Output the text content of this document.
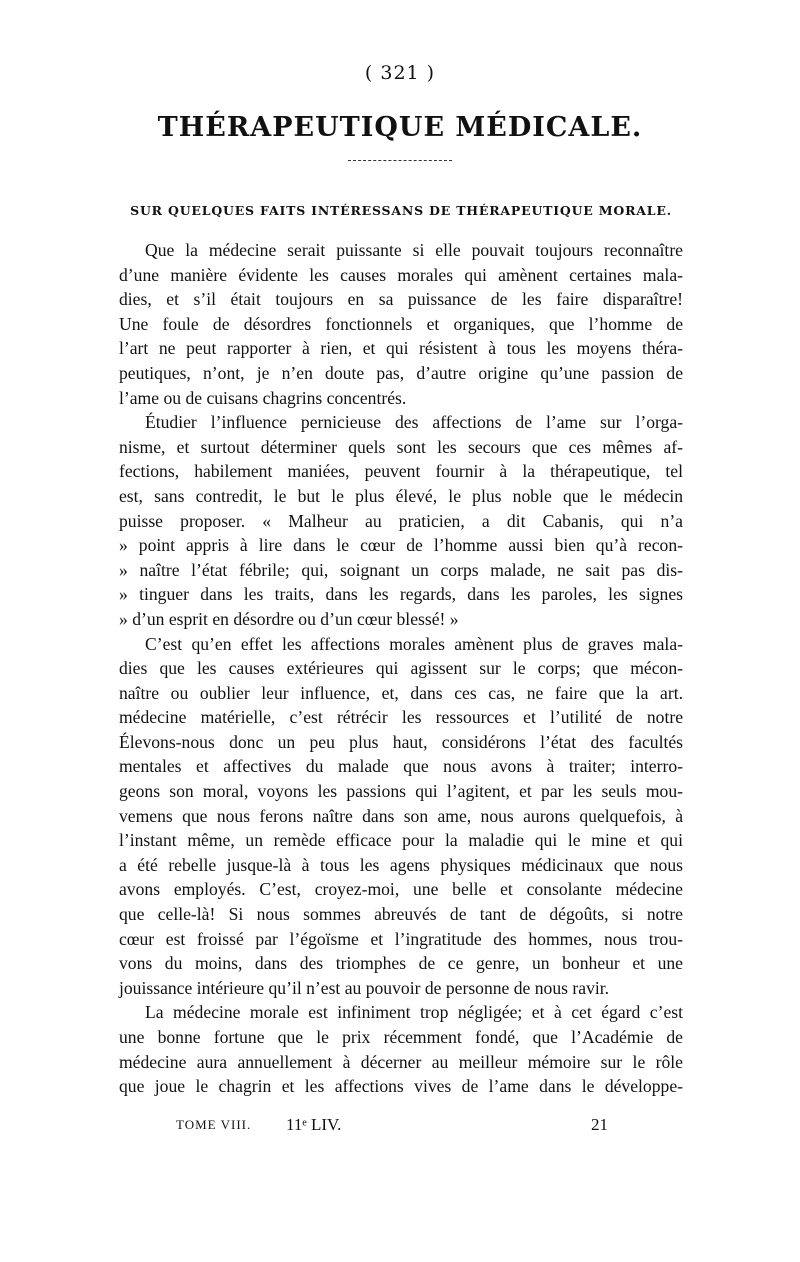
( 321 )
THÉRAPEUTIQUE MÉDICALE.
SUR QUELQUES FAITS INTÉRESSANS DE THÉRAPEUTIQUE MORALE.
Que la médecine serait puissante si elle pouvait toujours reconnaître
d’une manière évidente les causes morales qui amènent certaines mala-
dies, et s’il était toujours en sa puissance de les faire disparaître!
Une foule de désordres fonctionnels et organiques, que l’homme de
l’art ne peut rapporter à rien, et qui résistent à tous les moyens théra-
peutiques, n’ont, je n’en doute pas, d’autre origine qu’une passion de
l’ame ou de cuisans chagrins concentrés.
Étudier l’influence pernicieuse des affections de l’ame sur l’orga-
nisme, et surtout déterminer quels sont les secours que ces mêmes af-
fections, habilement maniées, peuvent fournir à la thérapeutique, tel
est, sans contredit, le but le plus élevé, le plus noble que le médecin
puisse proposer. « Malheur au praticien, a dit Cabanis, qui n’a
» point appris à lire dans le cœur de l’homme aussi bien qu’à recon-
» naître l’état fébrile; qui, soignant un corps malade, ne sait pas dis-
» tinguer dans les traits, dans les regards, dans les paroles, les signes
» d’un esprit en désordre ou d’un cœur blessé! »
C’est qu’en effet les affections morales amènent plus de graves mala-
dies que les causes extérieures qui agissent sur le corps; que mécon-
naître ou oublier leur influence, et, dans ces cas, ne faire que la art.
médecine matérielle, c’est rétrécir les ressources et l’utilité de notre
Élevons-nous donc un peu plus haut, considérons l’état des facultés
mentales et affectives du malade que nous avons à traiter; interro-
geons son moral, voyons les passions qui l’agitent, et par les seuls mou-
vemens que nous ferons naître dans son ame, nous aurons quelquefois, à
l’instant même, un remède efficace pour la maladie qui le mine et qui
a été rebelle jusque-là à tous les agens physiques médicinaux que nous
avons employés. C’est, croyez-moi, une belle et consolante médecine
que celle-là! Si nous sommes abreuvés de tant de dégoûts, si notre
cœur est froissé par l’égoïsme et l’ingratitude des hommes, nous trou-
vons du moins, dans des triomphes de ce genre, un bonheur et une
jouissance intérieure qu’il n’est au pouvoir de personne de nous ravir.
La médecine morale est infiniment trop négligée; et à cet égard c’est
une bonne fortune que le prix récemment fondé, que l’Académie de
médecine aura annuellement à décerner au meilleur mémoire sur le rôle
que joue le chagrin et les affections vives de l’ame dans le développe-
TOME VIII. 11ᵉ LIV.	21
